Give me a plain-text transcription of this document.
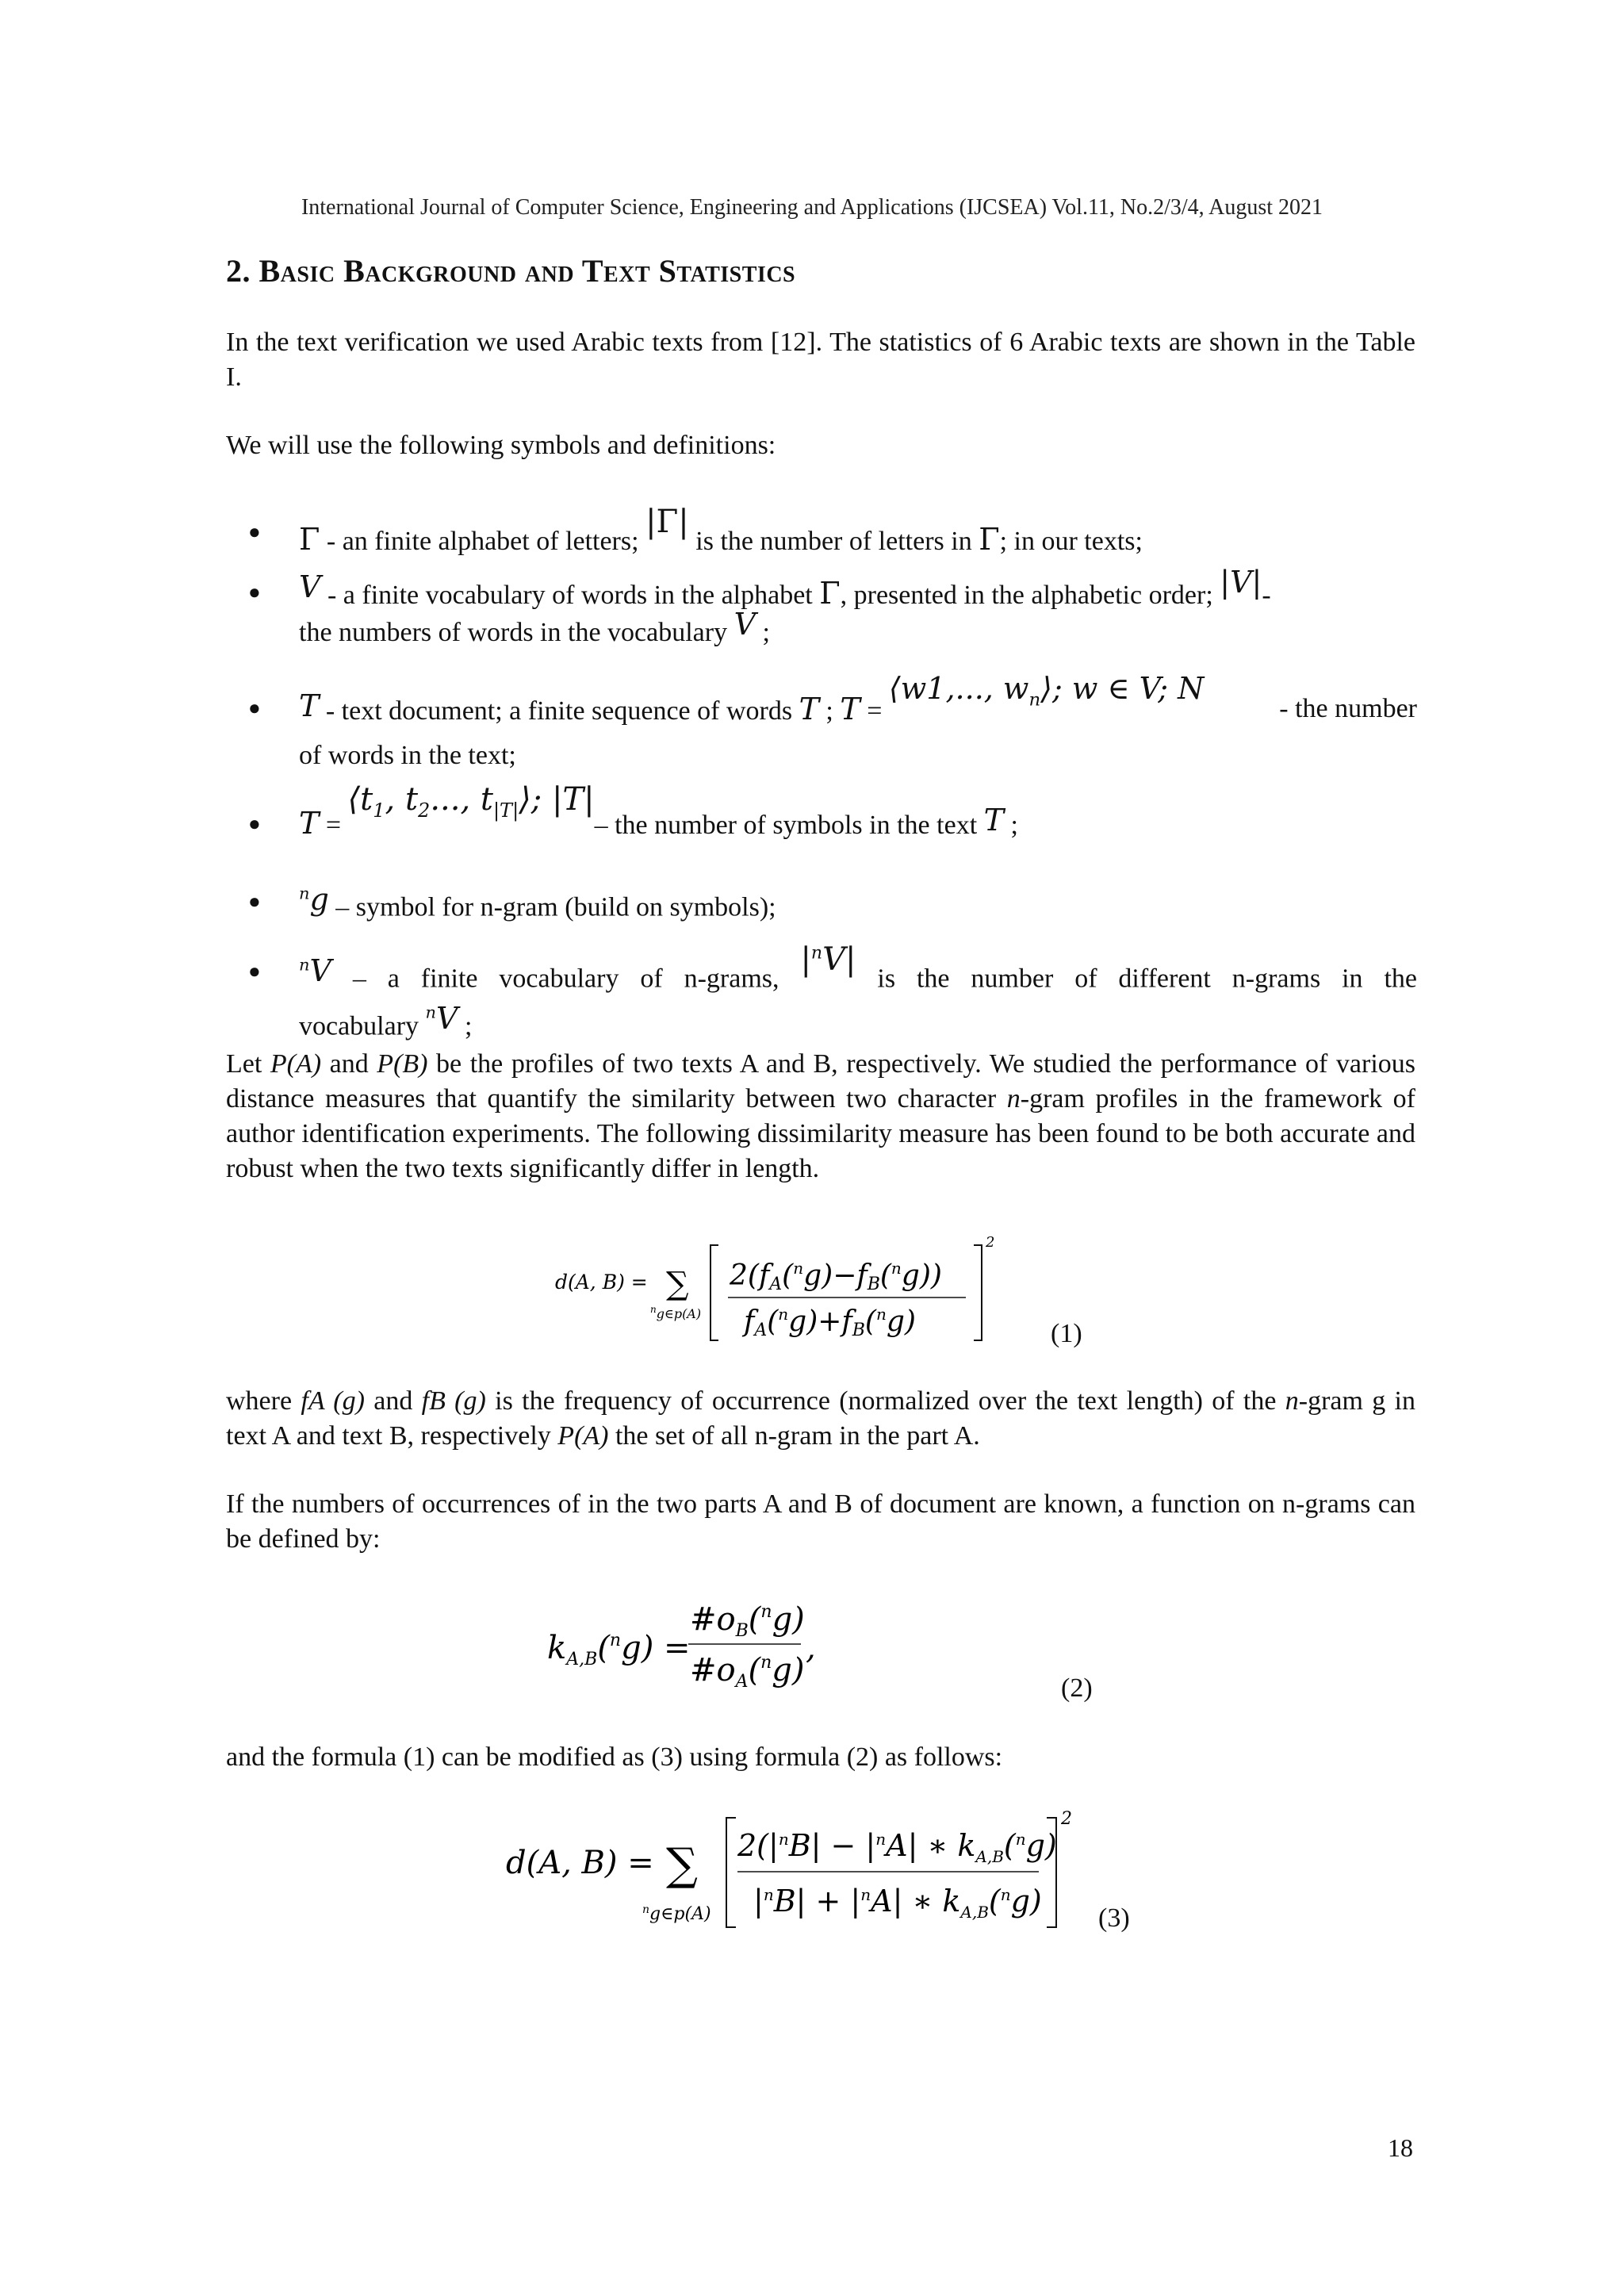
International Journal of Computer Science, Engineering and Applications (IJCSEA) Vol.11, No.2/3/4, August 2021
2. Basic Background and Text Statistics
In the text verification we used Arabic texts from [12]. The statistics of 6 Arabic texts are shown in the Table I.
We will use the following symbols and definitions:
● Γ - an finite alphabet of letters; |Γ| is the number of letters in Γ; in our texts;
● V - a finite vocabulary of words in the alphabet Γ, presented in the alphabetic order; |V|-
the numbers of words in the vocabulary V ;
● T - text document; a finite sequence of words T ; T = ⟨w1,..., $w_n⟩$; w ∈ V; N
- the number

of words in the text;
● $T = ⟨t_1$, $t_2$..., $t_{|T|}⟩$; |T|– the number of symbols in the text T ;
● $^n$g – symbol for n-gram (build on symbols);
● $^n$V – a finite vocabulary of n-grams, $|^nV|$ is the number of different n-grams in the
vocabulary $^n$V ;
Let P(A) and P(B) be the profiles of two texts A and B, respectively. We studied the performance of various distance measures that quantify the similarity between two character n-gram profiles in the framework of author identification experiments. The following dissimilarity measure has been found to be both accurate and robust when the two texts significantly differ in length.
d(A, B) = ∑
$^n$g∈p(A)
2
2(fA($^n$g)−fB($^n$g))
fA($^n$g)+fB($^n$g)	(1)
where fA (g) and fB (g) is the frequency of occurrence (normalized over the text length) of the n-gram g in text A and text B, respectively P(A) the set of all n-gram in the part A.
If the numbers of occurrences of in the two parts A and B of document are known, a function on n-grams can be defined by:
$k_{A,B}(^ng)$ =
$\#o_B(^ng)$
$\#o_A(^ng)$
,
(2)
and the formula (1) can be modified as (3) using formula (2) as follows:
d(A, B) = ∑
$^n$g∈p(A)
2
$2(|^nB| - |^nA|$ ∗ $k_{A,B}(^ng)$
$|^nB| + |^nA|$ ∗ $k_{A,B}(^ng)$ (3)
18
